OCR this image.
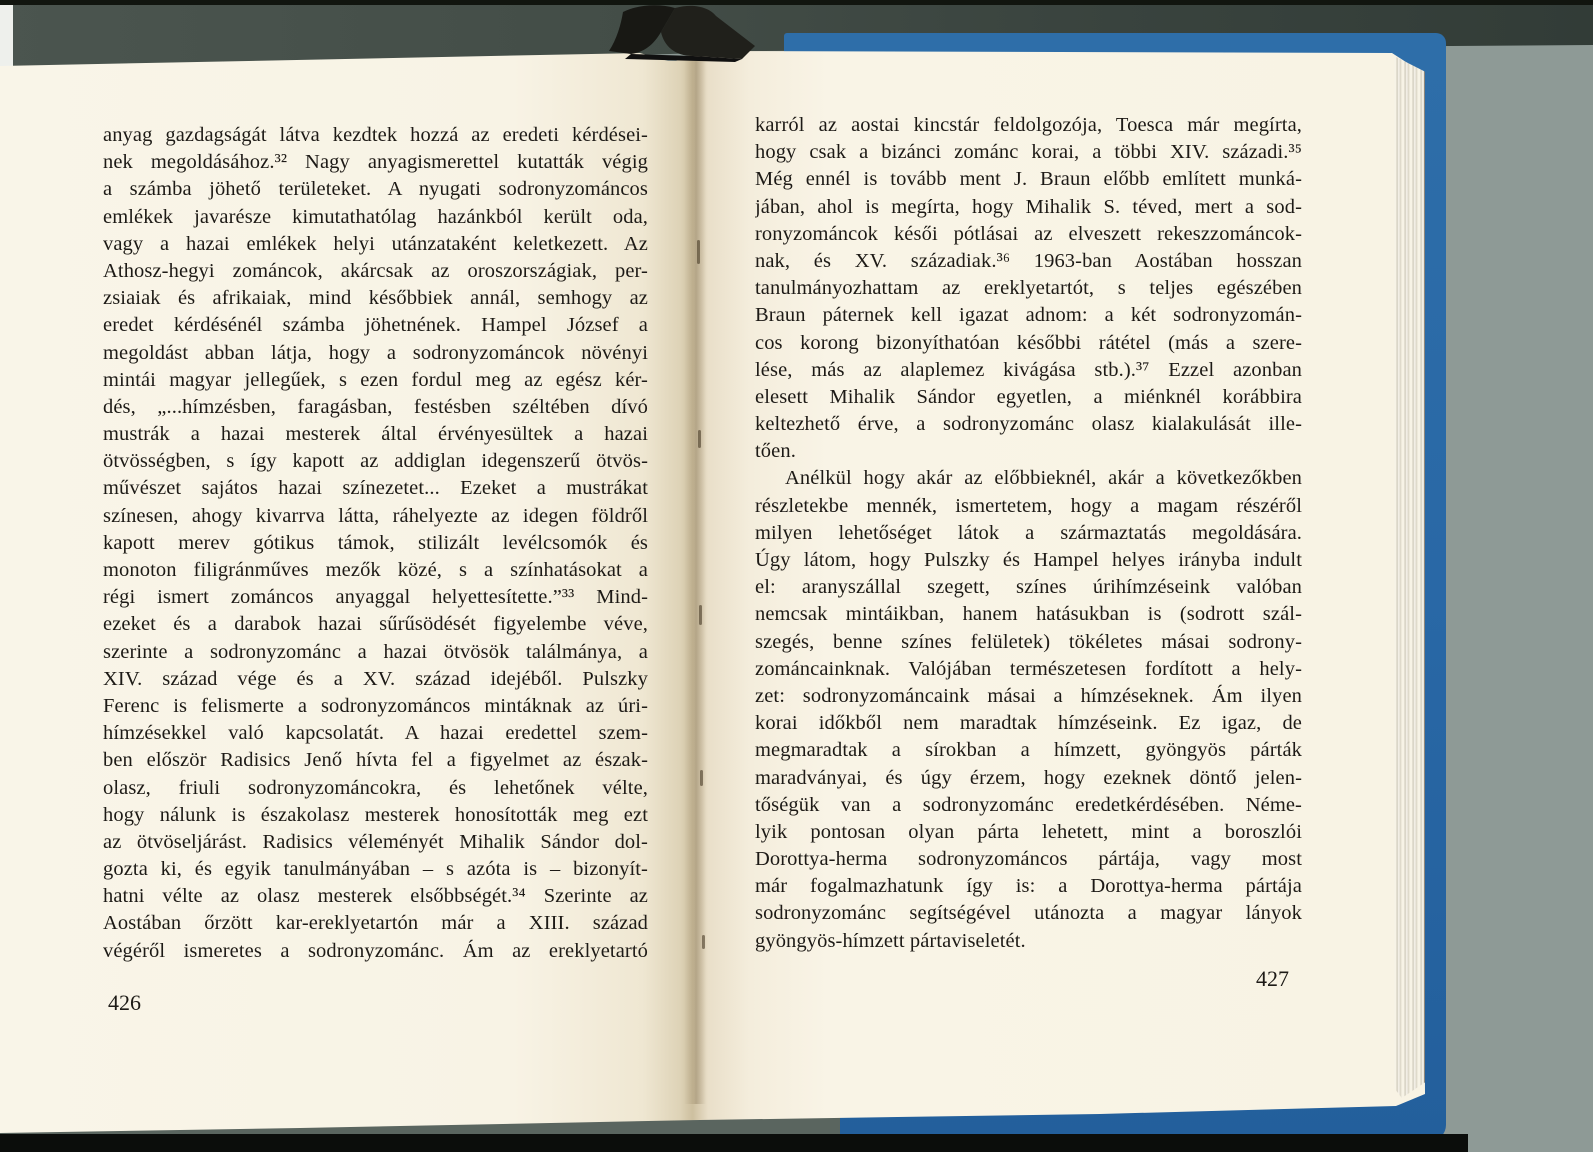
anyag gazdagságát látva kezdtek hozzá az eredeti kérdései-
nek megoldásához.³² Nagy anyagismerettel kutatták végig
a számba jöhető területeket. A nyugati sodronyzománcos
emlékek javarésze kimutathatólag hazánkból került oda,
vagy a hazai emlékek helyi utánzataként keletkezett. Az
Athosz-hegyi zománcok, akárcsak az oroszországiak, per-
zsiaiak és afrikaiak, mind későbbiek annál, semhogy az
eredet kérdésénél számba jöhetnének. Hampel József a
megoldást abban látja, hogy a sodronyzománcok növényi
mintái magyar jellegűek, s ezen fordul meg az egész kér-
dés, „...hímzésben, faragásban, festésben széltében dívó
mustrák a hazai mesterek által érvényesültek a hazai
ötvösségben, s így kapott az addiglan idegenszerű ötvös-
művészet sajátos hazai színezetet... Ezeket a mustrákat
színesen, ahogy kivarrva látta, ráhelyezte az idegen földről
kapott merev gótikus támok, stilizált levélcsomók és
monoton filigránműves mezők közé, s a színhatásokat a
régi ismert zománcos anyaggal helyettesítette.”³³ Mind-
ezeket és a darabok hazai sűrűsödését figyelembe véve,
szerinte a sodronyzománc a hazai ötvösök találmánya, a
XIV. század vége és a XV. század idejéből. Pulszky
Ferenc is felismerte a sodronyzománcos mintáknak az úri-
hímzésekkel való kapcsolatát. A hazai eredettel szem-
ben először Radisics Jenő hívta fel a figyelmet az észak-
olasz, friuli sodronyzománcokra, és lehetőnek vélte,
hogy nálunk is északolasz mesterek honosították meg ezt
az ötvöseljárást. Radisics véleményét Mihalik Sándor dol-
gozta ki, és egyik tanulmányában – s azóta is – bizonyít-
hatni vélte az olasz mesterek elsőbbségét.³⁴ Szerinte az
Aostában őrzött kar-ereklyetartón már a XIII. század
végéről ismeretes a sodronyzománc. Ám az ereklyetartó
karról az aostai kincstár feldolgozója, Toesca már megírta,
hogy csak a bizánci zománc korai, a többi XIV. századi.³⁵
Még ennél is tovább ment J. Braun előbb említett munká-
jában, ahol is megírta, hogy Mihalik S. téved, mert a sod-
ronyzománcok késői pótlásai az elveszett rekeszzománcok-
nak, és XV. századiak.³⁶ 1963-ban Aostában hosszan
tanulmányozhattam az ereklyetartót, s teljes egészében
Braun páternek kell igazat adnom: a két sodronyzomán-
cos korong bizonyíthatóan későbbi rátétel (más a szere-
lése, más az alaplemez kivágása stb.).³⁷ Ezzel azonban
elesett Mihalik Sándor egyetlen, a miénknél korábbira
keltezhető érve, a sodronyzománc olasz kialakulását ille-
tően.
Anélkül hogy akár az előbbieknél, akár a következőkben
részletekbe mennék, ismertetem, hogy a magam részéről
milyen lehetőséget látok a származtatás megoldására.
Úgy látom, hogy Pulszky és Hampel helyes irányba indult
el: aranyszállal szegett, színes úrihímzéseink valóban
nemcsak mintáikban, hanem hatásukban is (sodrott szál-
szegés, benne színes felületek) tökéletes másai sodrony-
zománcainknak. Valójában természetesen fordított a hely-
zet: sodronyzománcaink másai a hímzéseknek. Ám ilyen
korai időkből nem maradtak hímzéseink. Ez igaz, de
megmaradtak a sírokban a hímzett, gyöngyös párták
maradványai, és úgy érzem, hogy ezeknek döntő jelen-
tőségük van a sodronyzománc eredetkérdésében. Néme-
lyik pontosan olyan párta lehetett, mint a boroszlói
Dorottya-herma sodronyzománcos pártája, vagy most
már fogalmazhatunk így is: a Dorottya-herma pártája
sodronyzománc segítségével utánozta a magyar lányok
gyöngyös-hímzett pártaviseletét.
426
427
